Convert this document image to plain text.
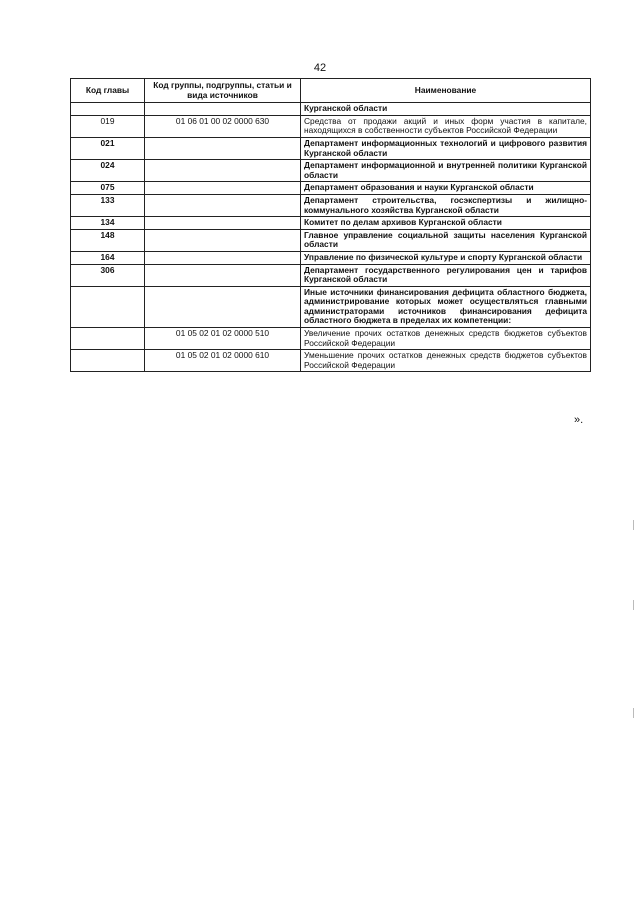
42
Код главы	Код группы, подгруппы, статьи и вида источников	Наименование
		Курганской области
019	01 06 01 00 02 0000 630	Средства от продажи акций и иных форм участия в капитале, находящихся в собственности субъектов Российской Федерации
021		Департамент информационных технологий и цифрового развития Курганской области
024		Департамент информационной и внутренней политики Курганской области
075		Департамент образования и науки Курганской области
133		Департамент строительства, госэкспертизы и жилищно-коммунального хозяйства Курганской области
134		Комитет по делам архивов Курганской области
148		Главное управление социальной защиты населения Курганской области
164		Управление по физической культуре и спорту Курганской области
306		Департамент государственного регулирования цен и тарифов Курганской области
		Иные источники финансирования дефицита областного бюджета, администрирование которых может осуществляться главными администраторами источников финансирования дефицита областного бюджета в пределах их компетенции:
	01 05 02 01 02 0000 510	Увеличение прочих остатков денежных средств бюджетов субъектов Российской Федерации
	01 05 02 01 02 0000 610	Уменьшение прочих остатков денежных средств бюджетов субъектов Российской Федерации
».
